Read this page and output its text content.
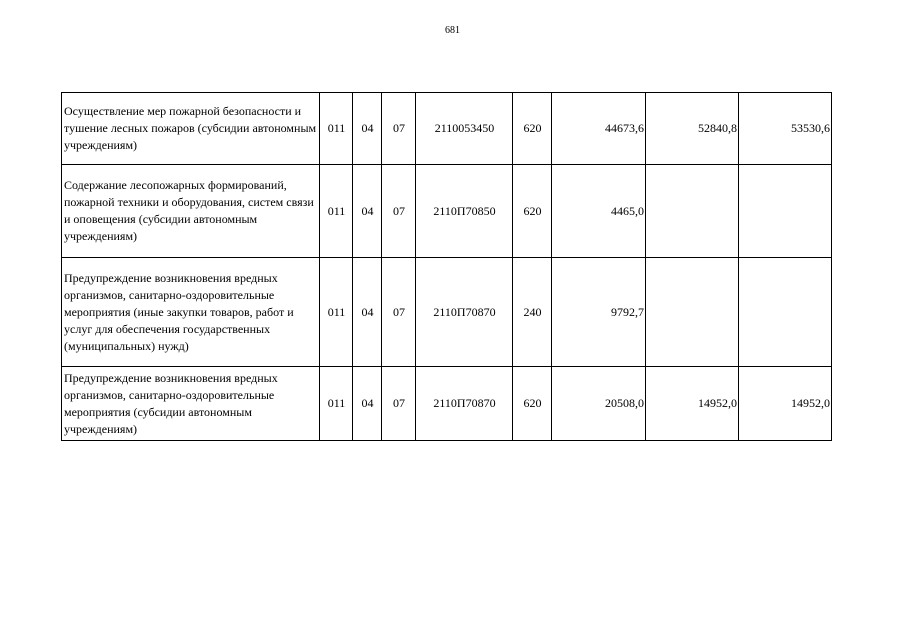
681
Осуществление мер пожарной безопасности и тушение лесных пожаров (субсидии автономным учреждениям)	011	04	07	2110053450	620	44673,6	52840,8	53530,6
Содержание лесопожарных формирований, пожарной техники и оборудования, систем связи и оповещения (субсидии автономным учреждениям)	011	04	07	2110П70850	620	4465,0		
Предупреждение возникновения вредных организмов, санитарно-оздоровительные мероприятия (иные закупки товаров, работ и услуг для обеспечения государственных (муниципальных) нужд)	011	04	07	2110П70870	240	9792,7		
Предупреждение возникновения вредных организмов, санитарно-оздоровительные мероприятия (субсидии автономным учреждениям)	011	04	07	2110П70870	620	20508,0	14952,0	14952,0
